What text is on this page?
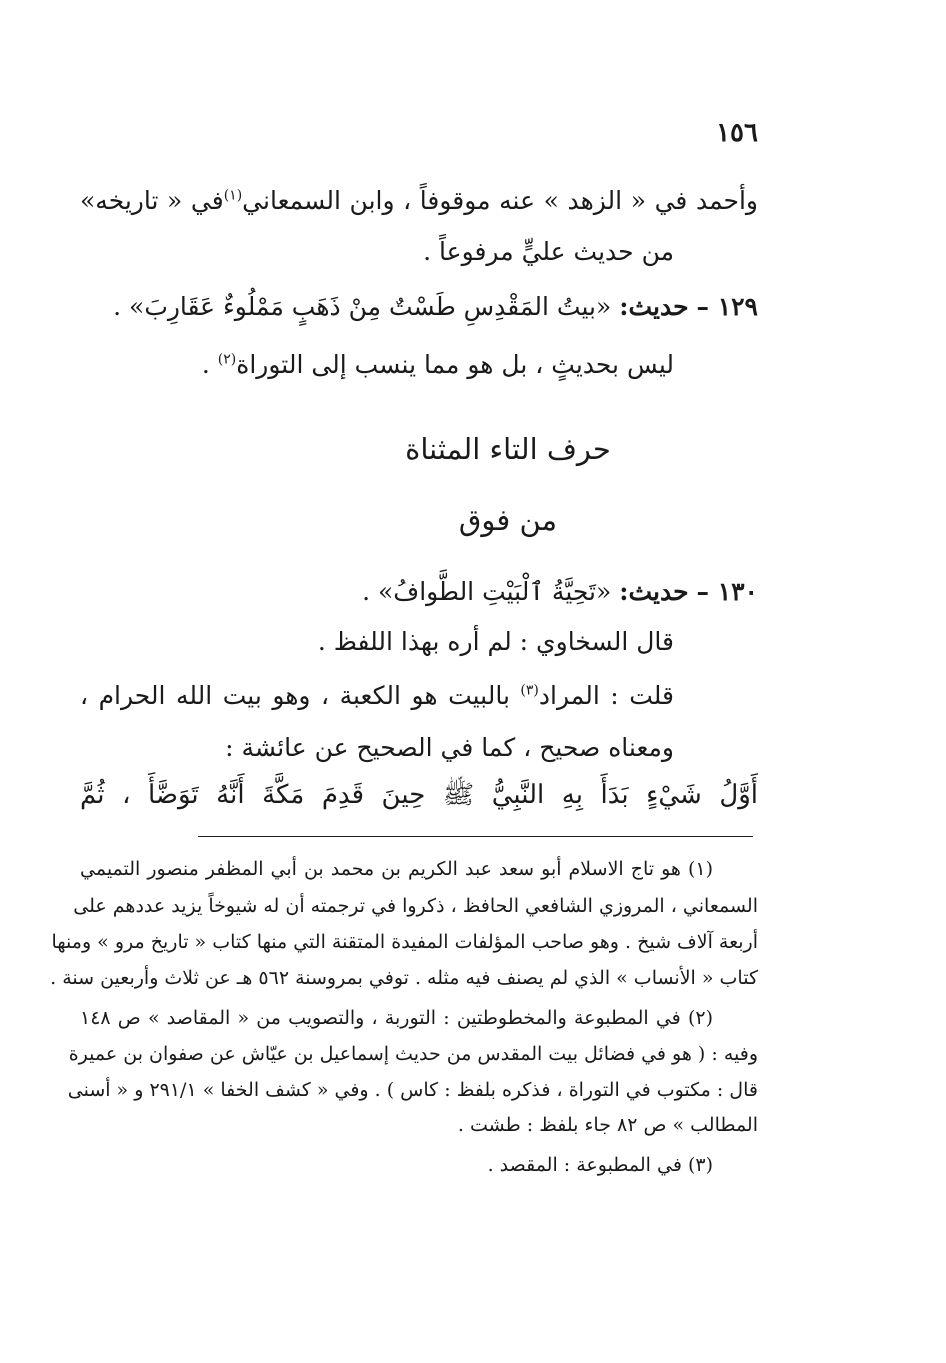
١٥٦
وأحمد في « الزهد » عنه موقوفاً ، وابن السمعاني$^{(١)}$في « تاريخه»
من حديث عليٍّ مرفوعاً .
١٢٩ – حديث: «بيتُ المَقْدِسِ طَسْتٌ مِنْ ذَهَبٍ مَمْلُوءٌ عَقَارِبَ» .
ليس بحديثٍ ، بل هو مما ينسب إلى التوراة$^{(٢)}$ .
حرف التاء المثناة
من فوق
١٣٠ – حديث: «تَحِيَّةُ ٱلْبَيْتِ الطَّوافُ» .
قال السخاوي : لم أره بهذا اللفظ .
قلت : المراد$^{(٣)}$ بالبيت هو الكعبة ، وهو بيت الله الحرام ،
ومعناه صحيح ، كما في الصحيح عن عائشة :
أَوَّلُ شَيْءٍ بَدَأَ بِهِ النَّبِيُّ ﷺ حِينَ قَدِمَ مَكَّةَ أَنَّهُ تَوَضَّأَ ، ثُمَّ
(١) هو تاج الاسلام أبو سعد عبد الكريم بن محمد بن أبي المظفر منصور التميمي
السمعاني ، المروزي الشافعي الحافظ ، ذكروا في ترجمته أن له شيوخاً يزيد عددهم على
أربعة آلاف شيخ . وهو صاحب المؤلفات المفيدة المتقنة التي منها كتاب « تاريخ مرو » ومنها
كتاب « الأنساب » الذي لم يصنف فيه مثله . توفي بمروسنة ٥٦٢ هـ عن ثلاث وأربعين سنة .
(٢) في المطبوعة والمخطوطتين : التوربة ، والتصويب من « المقاصد » ص ١٤٨
وفيه : ( هو في فضائل بيت المقدس من حديث إسماعيل بن عيّاش عن صفوان بن عميرة
قال : مكتوب في التوراة ، فذكره بلفظ : كاس ) . وفي « كشف الخفا » ٢٩١/١ و « أسنى
المطالب » ص ٨٢ جاء بلفظ : طشت .
(٣) في المطبوعة : المقصد .
